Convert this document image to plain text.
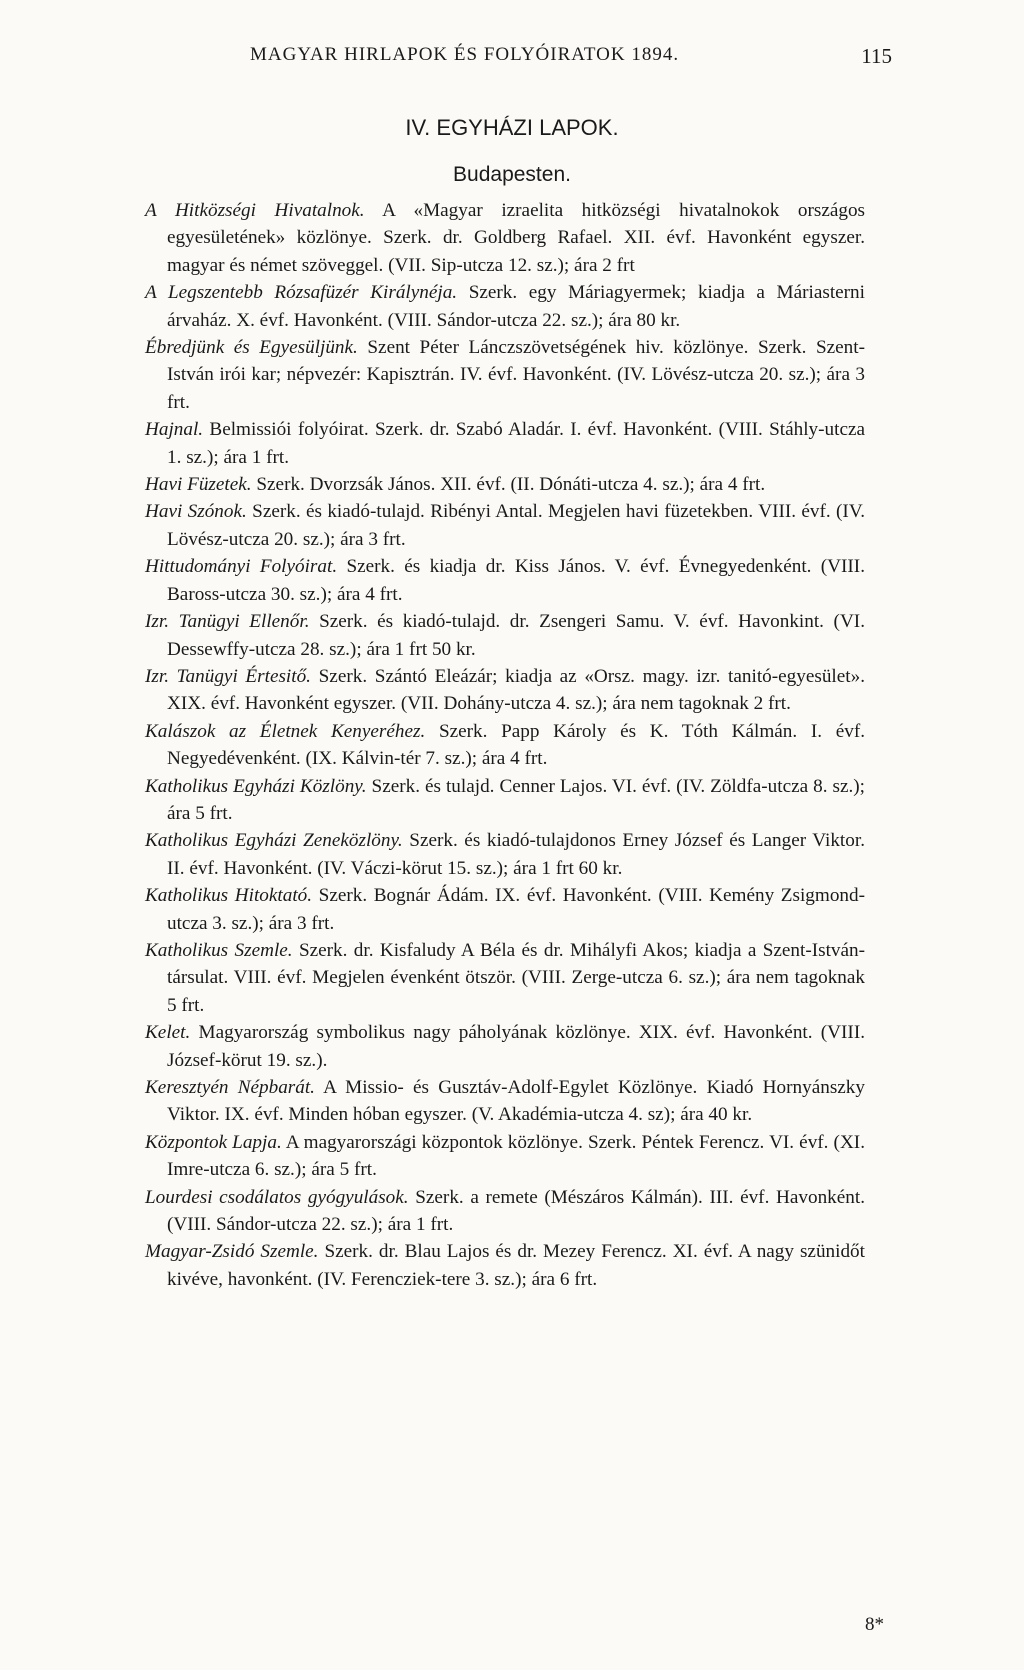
MAGYAR HIRLAPOK ÉS FOLYÓIRATOK 1894.	115
IV. EGYHÁZI LAPOK.
Budapesten.

A Hitközségi Hivatalnok. A «Magyar izraelita hitközségi hivatalnokok országos egyesületének» közlönye. Szerk. dr. Goldberg Rafael. XII. évf. Havonként egyszer. magyar és német szöveggel. (VII. Sip-utcza 12. sz.); ára 2 frt

A Legszentebb Rózsafüzér Királynéja. Szerk. egy Máriagyermek; kiadja a Máriasterni árvaház. X. évf. Havonként. (VIII. Sándor-utcza 22. sz.); ára 80 kr.

Ébredjünk és Egyesüljünk. Szent Péter Lánczszövetségének hiv. közlönye. Szerk. Szent-István irói kar; népvezér: Kapisztrán. IV. évf. Havonként. (IV. Lövész-utcza 20. sz.); ára 3 frt.

Hajnal. Belmissiói folyóirat. Szerk. dr. Szabó Aladár. I. évf. Havonként. (VIII. Stáhly-utcza 1. sz.); ára 1 frt.

Havi Füzetek. Szerk. Dvorzsák János. XII. évf. (II. Dónáti-utcza 4. sz.); ára 4 frt.

Havi Szónok. Szerk. és kiadó-tulajd. Ribényi Antal. Megjelen havi füzetekben. VIII. évf. (IV. Lövész-utcza 20. sz.); ára 3 frt.

Hittudományi Folyóirat. Szerk. és kiadja dr. Kiss János. V. évf. Évnegyedenként. (VIII. Baross-utcza 30. sz.); ára 4 frt.

Izr. Tanügyi Ellenőr. Szerk. és kiadó-tulajd. dr. Zsengeri Samu. V. évf. Havonkint. (VI. Dessewffy-utcza 28. sz.); ára 1 frt 50 kr.

Izr. Tanügyi Értesitő. Szerk. Szántó Eleázár; kiadja az «Orsz. magy. izr. tanitó-egyesület». XIX. évf. Havonként egyszer. (VII. Dohány-utcza 4. sz.); ára nem tagoknak 2 frt.

Kalászok az Életnek Kenyeréhez. Szerk. Papp Károly és K. Tóth Kálmán. I. évf. Negyedévenként. (IX. Kálvin-tér 7. sz.); ára 4 frt.

Katholikus Egyházi Közlöny. Szerk. és tulajd. Cenner Lajos. VI. évf. (IV. Zöldfa-utcza 8. sz.); ára 5 frt.

Katholikus Egyházi Zeneközlöny. Szerk. és kiadó-tulajdonos Erney József és Langer Viktor. II. évf. Havonként. (IV. Váczi-körut 15. sz.); ára 1 frt 60 kr.

Katholikus Hitoktató. Szerk. Bognár Ádám. IX. évf. Havonként. (VIII. Kemény Zsigmond-utcza 3. sz.); ára 3 frt.

Katholikus Szemle. Szerk. dr. Kisfaludy A Béla és dr. Mihályfi Akos; kiadja a Szent-István-társulat. VIII. évf. Megjelen évenként ötször. (VIII. Zerge-utcza 6. sz.); ára nem tagoknak 5 frt.

Kelet. Magyarország symbolikus nagy páholyának közlönye. XIX. évf. Havonként. (VIII. József-körut 19. sz.).

Keresztyén Népbarát. A Missio- és Gusztáv-Adolf-Egylet Közlönye. Kiadó Hornyánszky Viktor. IX. évf. Minden hóban egyszer. (V. Akadémia-utcza 4. sz); ára 40 kr.

Központok Lapja. A magyarországi központok közlönye. Szerk. Péntek Ferencz. VI. évf. (XI. Imre-utcza 6. sz.); ára 5 frt.

Lourdesi csodálatos gyógyulások. Szerk. a remete (Mészáros Kálmán). III. évf. Havonként. (VIII. Sándor-utcza 22. sz.); ára 1 frt.

Magyar-Zsidó Szemle. Szerk. dr. Blau Lajos és dr. Mezey Ferencz. XI. évf. A nagy szünidőt kivéve, havonként. (IV. Ferencziek-tere 3. sz.); ára 6 frt.

8*
